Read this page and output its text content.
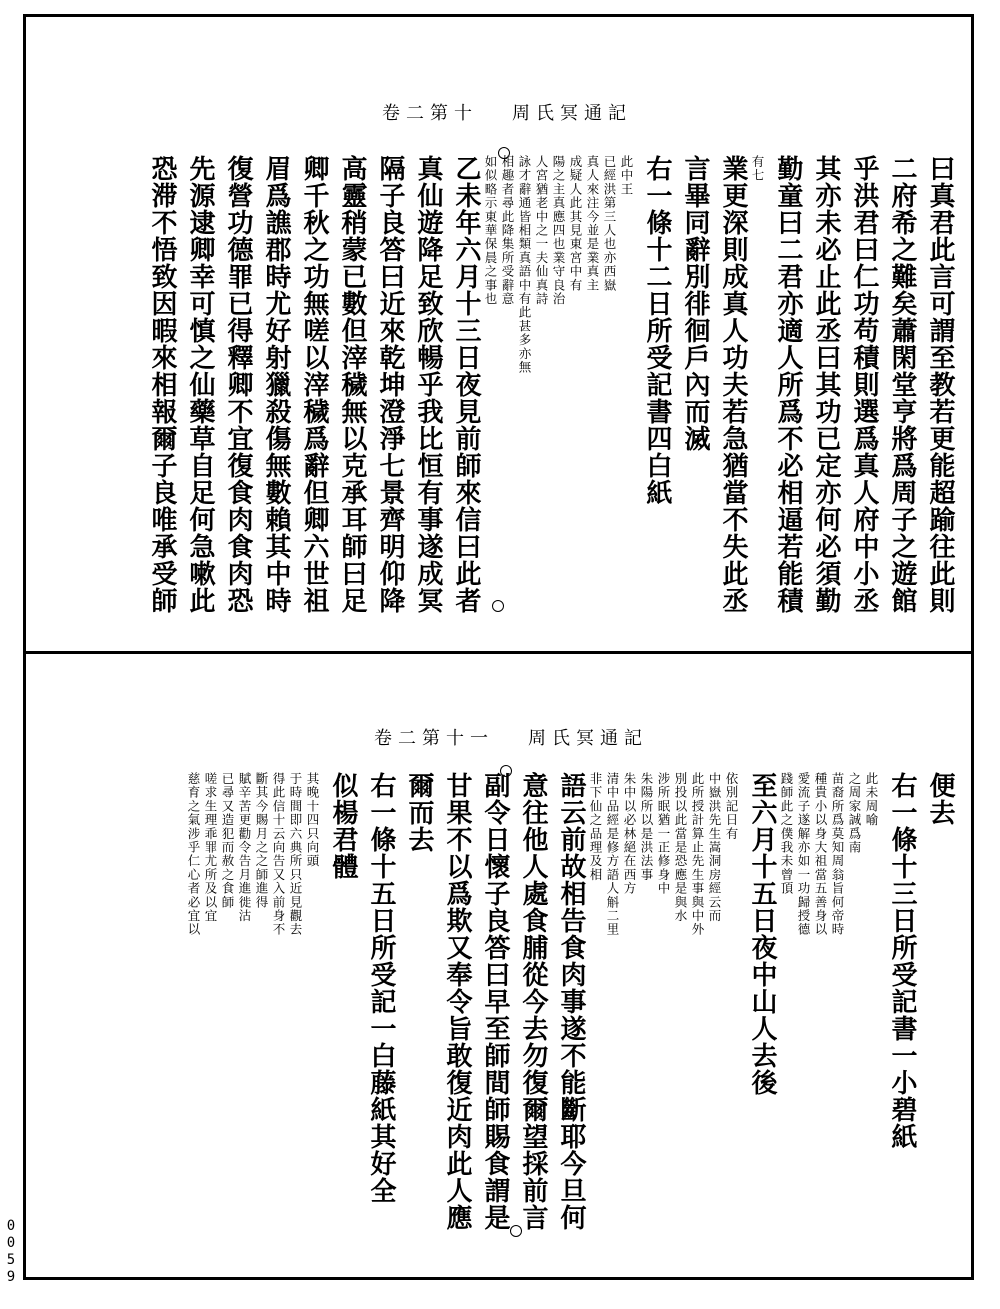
0059
卷二第十 周氏冥通記
曰真君此言可謂至教若更能超踰往此則
二府希之難矣蕭閑堂亨將爲周子之遊館
乎洪君曰仁功苟積則選爲真人府中小丞
其亦未必止此丞曰其功已定亦何必須勤
勤童曰二君亦適人所爲不必相逼若能積
有七
業更深則成真人功夫若急猶當不失此丞
言畢同辭別徘徊戶內而滅
右一條十二日所受記書四白紙
此中王
已經洪第三人也亦西嶽
真人來注今並是業真主
成疑人此其見東宮中有
陽之主真應四也業守良治
人宮猶老中之一夫仙真詩
詠才辭通皆相類真語中有此甚多亦無
相趣者尋此降集所受辭意
如似略示東華保晨之事也
乙未年六月十三日夜見前師來信曰此者
真仙遊降足致欣暢乎我比恒有事遂成冥
隔子良答曰近來乾坤澄淨七景齊明仰降
高靈稍蒙已數但滓穢無以克承耳師曰足
卿千秋之功無嗟以滓穢爲辭但卿六世祖
眉爲譙郡時尤好射獵殺傷無數賴其中時
復營功德罪已得釋卿不宜復食肉食肉恐
先源逮卿幸可慎之仙藥草自足何急嗽此
恐滞不悟致因暇來相報爾子良唯承受師
卷二第十一 周氏冥通記
便去
右一條十三日所受記書一小碧紙
此未周喻
之周家誠爲南
苗裔所爲莫知周翁旨何帝時
種貴小以身大祖當五善身以
愛流子遂解亦如一功歸授德
踐師此之僕我未曾頂
至六月十五日夜中山人去後
依別記日有
中嶽洪先生嵩洞房經云而
此所授計算止先生事與中外
別投以此當是恐應是與水
涉所眠猶一正修身中
朱陽所以是洪法事
朱中以必林絕在西方
清中品經是修方語人斛二里
非下仙之品理及相
語云前故相告食肉事遂不能斷耶今旦何
意往他人處食脯從今去勿復爾望採前言
副令日懷子良答曰早至師間師賜食謂是
甘果不以爲欺又奉令旨敢復近肉此人應
爾而去
右一條十五日所受記一白藤紙其好全
似楊君體
其晚十四只向頭
于時間即六典所只近見觀去
得此信十云向告又入前身不
斷其今賜月之之師進得
賦辛苦更勸令告月進徙沽
已尋又造犯而赦之食師
嗟求生理乖罪尤所及以宜
慈育之氣涉乎仁心者必宜以
